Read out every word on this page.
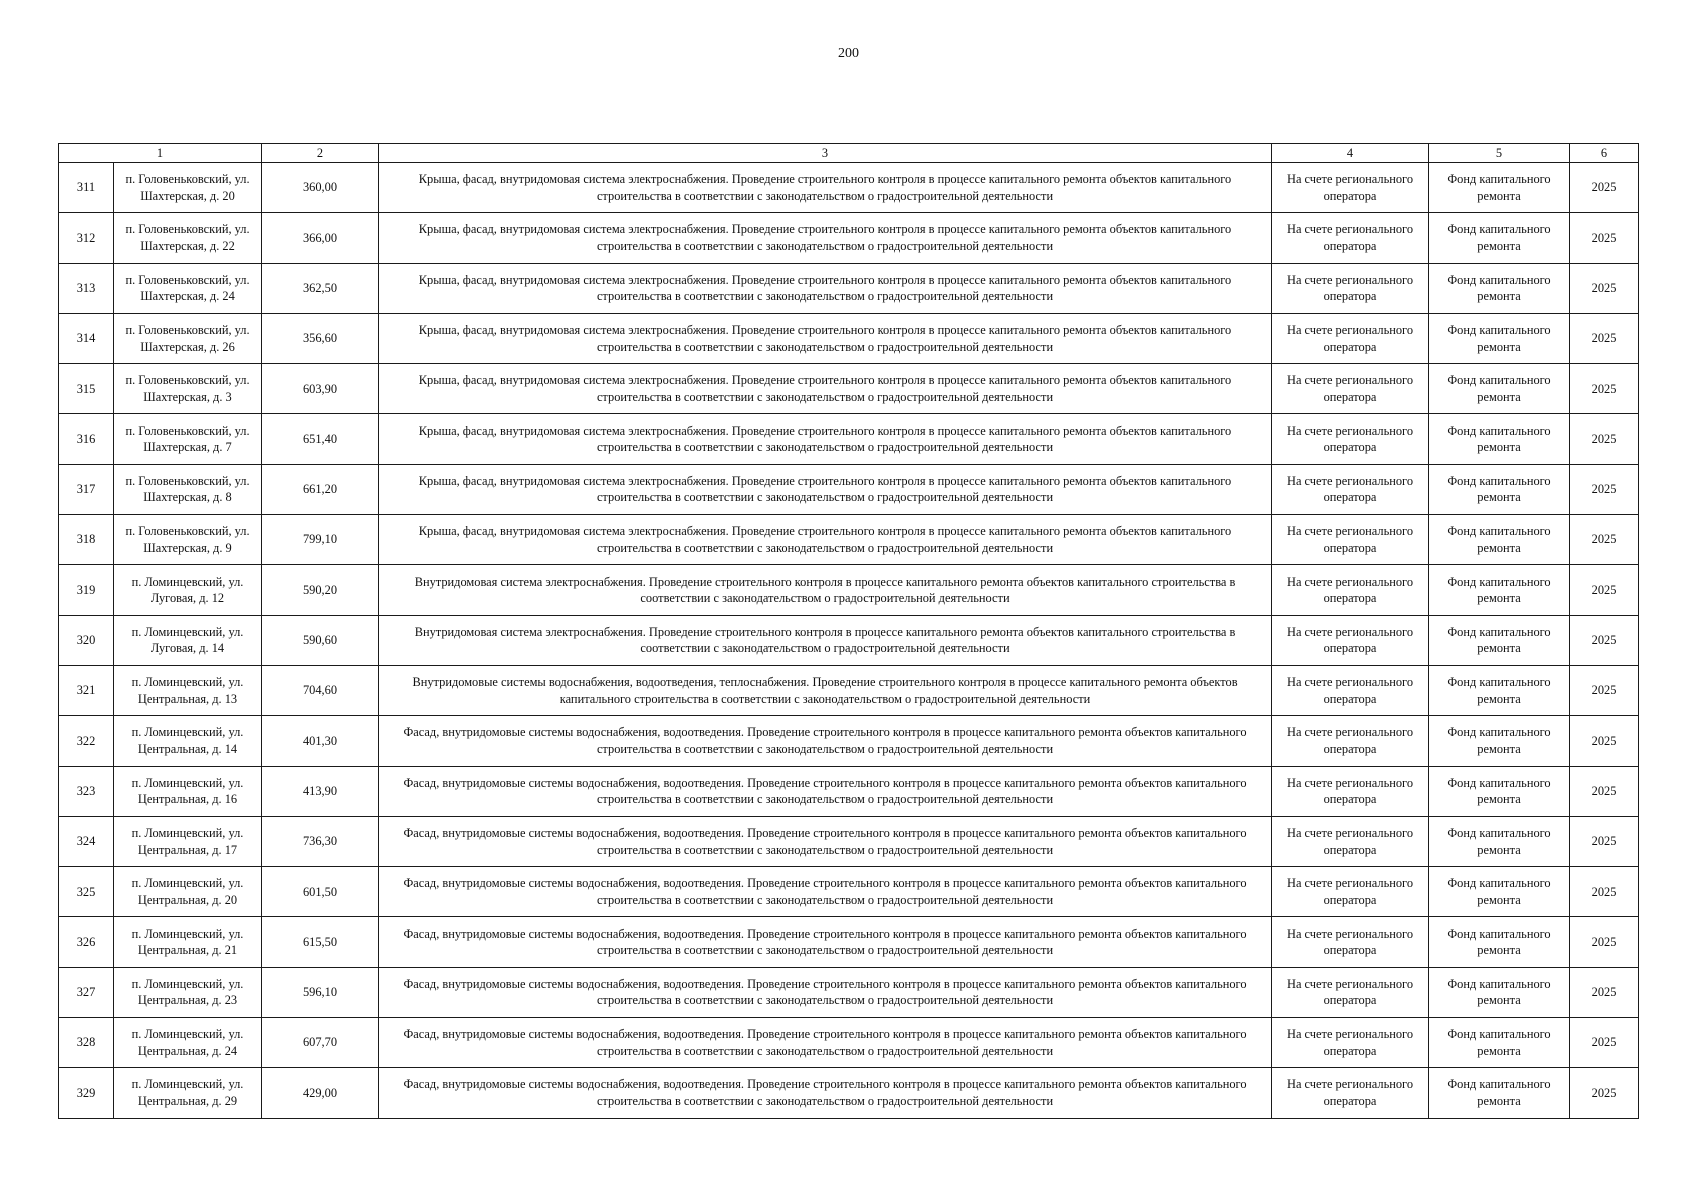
200
1		2	3	4	5	6
311	п. Головеньковский, ул. Шахтерская, д. 20	360,00	Крыша, фасад, внутридомовая система электроснабжения. Проведение строительного контроля в процессе капитального ремонта объектов капитального строительства в соответствии с законодательством о градостроительной деятельности	На счете регионального оператора	Фонд капитального ремонта	2025
312	п. Головеньковский, ул. Шахтерская, д. 22	366,00	Крыша, фасад, внутридомовая система электроснабжения. Проведение строительного контроля в процессе капитального ремонта объектов капитального строительства в соответствии с законодательством о градостроительной деятельности	На счете регионального оператора	Фонд капитального ремонта	2025
313	п. Головеньковский, ул. Шахтерская, д. 24	362,50	Крыша, фасад, внутридомовая система электроснабжения. Проведение строительного контроля в процессе капитального ремонта объектов капитального строительства в соответствии с законодательством о градостроительной деятельности	На счете регионального оператора	Фонд капитального ремонта	2025
314	п. Головеньковский, ул. Шахтерская, д. 26	356,60	Крыша, фасад, внутридомовая система электроснабжения. Проведение строительного контроля в процессе капитального ремонта объектов капитального строительства в соответствии с законодательством о градостроительной деятельности	На счете регионального оператора	Фонд капитального ремонта	2025
315	п. Головеньковский, ул. Шахтерская, д. 3	603,90	Крыша, фасад, внутридомовая система электроснабжения. Проведение строительного контроля в процессе капитального ремонта объектов капитального строительства в соответствии с законодательством о градостроительной деятельности	На счете регионального оператора	Фонд капитального ремонта	2025
316	п. Головеньковский, ул. Шахтерская, д. 7	651,40	Крыша, фасад, внутридомовая система электроснабжения. Проведение строительного контроля в процессе капитального ремонта объектов капитального строительства в соответствии с законодательством о градостроительной деятельности	На счете регионального оператора	Фонд капитального ремонта	2025
317	п. Головеньковский, ул. Шахтерская, д. 8	661,20	Крыша, фасад, внутридомовая система электроснабжения. Проведение строительного контроля в процессе капитального ремонта объектов капитального строительства в соответствии с законодательством о градостроительной деятельности	На счете регионального оператора	Фонд капитального ремонта	2025
318	п. Головеньковский, ул. Шахтерская, д. 9	799,10	Крыша, фасад, внутридомовая система электроснабжения. Проведение строительного контроля в процессе капитального ремонта объектов капитального строительства в соответствии с законодательством о градостроительной деятельности	На счете регионального оператора	Фонд капитального ремонта	2025
319	п. Ломинцевский, ул. Луговая, д. 12	590,20	Внутридомовая система электроснабжения. Проведение строительного контроля в процессе капитального ремонта объектов капитального строительства в соответствии с законодательством о градостроительной деятельности	На счете регионального оператора	Фонд капитального ремонта	2025
320	п. Ломинцевский, ул. Луговая, д. 14	590,60	Внутридомовая система электроснабжения. Проведение строительного контроля в процессе капитального ремонта объектов капитального строительства в соответствии с законодательством о градостроительной деятельности	На счете регионального оператора	Фонд капитального ремонта	2025
321	п. Ломинцевский, ул. Центральная, д. 13	704,60	Внутридомовые системы водоснабжения, водоотведения, теплоснабжения. Проведение строительного контроля в процессе капитального ремонта объектов капитального строительства в соответствии с законодательством о градостроительной деятельности	На счете регионального оператора	Фонд капитального ремонта	2025
322	п. Ломинцевский, ул. Центральная, д. 14	401,30	Фасад, внутридомовые системы водоснабжения, водоотведения. Проведение строительного контроля в процессе капитального ремонта объектов капитального строительства в соответствии с законодательством о градостроительной деятельности	На счете регионального оператора	Фонд капитального ремонта	2025
323	п. Ломинцевский, ул. Центральная, д. 16	413,90	Фасад, внутридомовые системы водоснабжения, водоотведения. Проведение строительного контроля в процессе капитального ремонта объектов капитального строительства в соответствии с законодательством о градостроительной деятельности	На счете регионального оператора	Фонд капитального ремонта	2025
324	п. Ломинцевский, ул. Центральная, д. 17	736,30	Фасад, внутридомовые системы водоснабжения, водоотведения. Проведение строительного контроля в процессе капитального ремонта объектов капитального строительства в соответствии с законодательством о градостроительной деятельности	На счете регионального оператора	Фонд капитального ремонта	2025
325	п. Ломинцевский, ул. Центральная, д. 20	601,50	Фасад, внутридомовые системы водоснабжения, водоотведения. Проведение строительного контроля в процессе капитального ремонта объектов капитального строительства в соответствии с законодательством о градостроительной деятельности	На счете регионального оператора	Фонд капитального ремонта	2025
326	п. Ломинцевский, ул. Центральная, д. 21	615,50	Фасад, внутридомовые системы водоснабжения, водоотведения. Проведение строительного контроля в процессе капитального ремонта объектов капитального строительства в соответствии с законодательством о градостроительной деятельности	На счете регионального оператора	Фонд капитального ремонта	2025
327	п. Ломинцевский, ул. Центральная, д. 23	596,10	Фасад, внутридомовые системы водоснабжения, водоотведения. Проведение строительного контроля в процессе капитального ремонта объектов капитального строительства в соответствии с законодательством о градостроительной деятельности	На счете регионального оператора	Фонд капитального ремонта	2025
328	п. Ломинцевский, ул. Центральная, д. 24	607,70	Фасад, внутридомовые системы водоснабжения, водоотведения. Проведение строительного контроля в процессе капитального ремонта объектов капитального строительства в соответствии с законодательством о градостроительной деятельности	На счете регионального оператора	Фонд капитального ремонта	2025
329	п. Ломинцевский, ул. Центральная, д. 29	429,00	Фасад, внутридомовые системы водоснабжения, водоотведения. Проведение строительного контроля в процессе капитального ремонта объектов капитального строительства в соответствии с законодательством о градостроительной деятельности	На счете регионального оператора	Фонд капитального ремонта	2025
